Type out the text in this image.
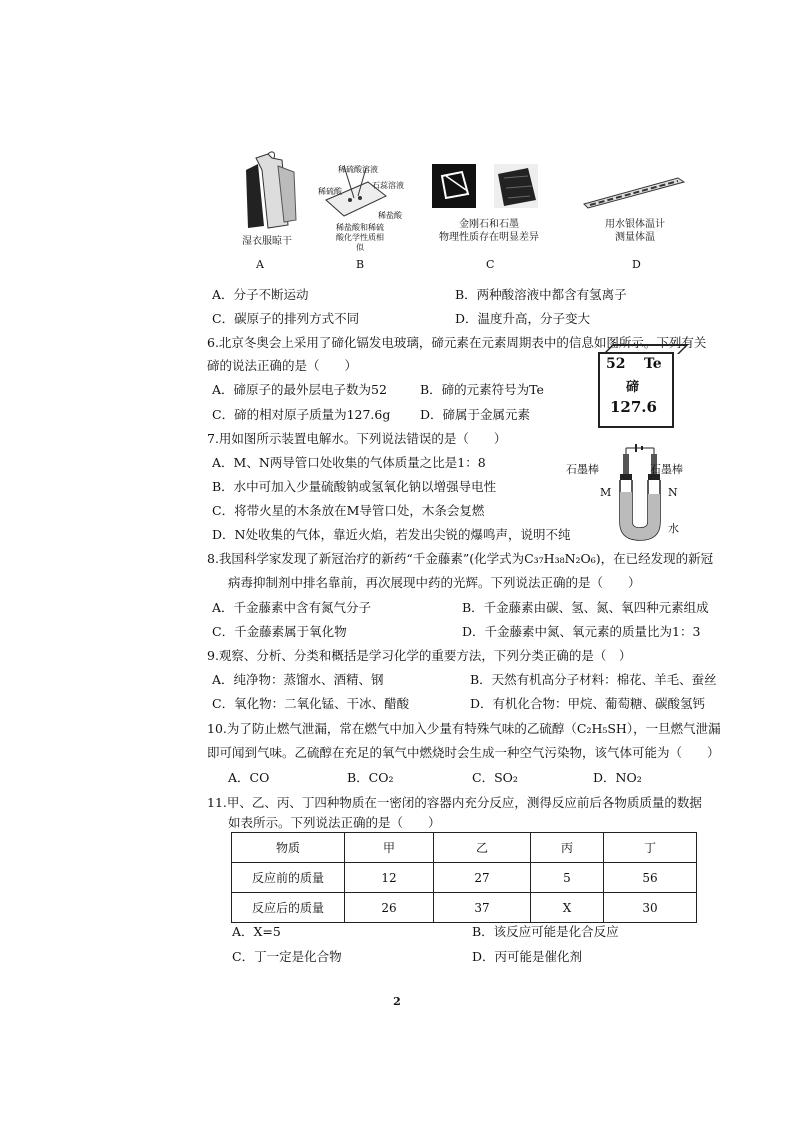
湿衣服晾干
稀硫酸溶液
石蕊溶液
稀硫酸
稀盐酸
稀盐酸和稀硫酸化学性质相似
金刚石和石墨
物理性质存在明显差异
用水银体温计
测量体温
A	B	C	D
A．分子不断运动	B．两种酸溶液中都含有氢离子
C．碳原子的排列方式不同	D．温度升高，分子变大
6.北京冬奥会上采用了碲化镉发电玻璃，碲元素在元素周期表中的信息如图所示。下列有关
碲的说法正确的是（　　）
A．碲原子的最外层电子数为52	B．碲的元素符号为Te
C．碲的相对原子质量为127.6g D．碲属于金属元素
52 Te
碲
127.6
7.用如图所示装置电解水。下列说法错误的是（　　）
A．M、N两导管口处收集的气体质量之比是1：8
B．水中可加入少量硫酸钠或氢氧化钠以增强导电性
C．将带火星的木条放在M导管口处，木条会复燃
D．N处收集的气体，靠近火焰，若发出尖锐的爆鸣声，说明不纯
石墨棒	石墨棒
M	N
水
8.我国科学家发现了新冠治疗的新药“千金藤素”(化学式为C₃₇H₃₈N₂O₆)，在已经发现的新冠
病毒抑制剂中排名靠前，再次展现中药的光辉。下列说法正确的是（　　）
A．千金藤素中含有氮气分子	B．千金藤素由碳、氢、氮、氧四种元素组成
C．千金藤素属于氧化物	D．千金藤素中氮、氧元素的质量比为1：3
9.观察、分析、分类和概括是学习化学的重要方法，下列分类正确的是（　）
A．纯净物：蒸馏水、酒精、钢	B．天然有机高分子材料：棉花、羊毛、蚕丝
C．氧化物：二氧化锰、干冰、醋酸	D．有机化合物：甲烷、葡萄糖、碳酸氢钙
10.为了防止燃气泄漏，常在燃气中加入少量有特殊气味的乙硫醇（C₂H₅SH），一旦燃气泄漏
即可闻到气味。乙硫醇在充足的氧气中燃烧时会生成一种空气污染物，该气体可能为（　　）
A．CO	B．CO₂	C．SO₂	D．NO₂
11.甲、乙、丙、丁四种物质在一密闭的容器内充分反应，测得反应前后各物质质量的数据
如表所示。下列说法正确的是（　　）
物质	甲	乙	丙	丁
反应前的质量	12	27	5	56
反应后的质量	26	37	X	30
A．X=5	B．该反应可能是化合反应
C．丁一定是化合物	D．丙可能是催化剂
2
